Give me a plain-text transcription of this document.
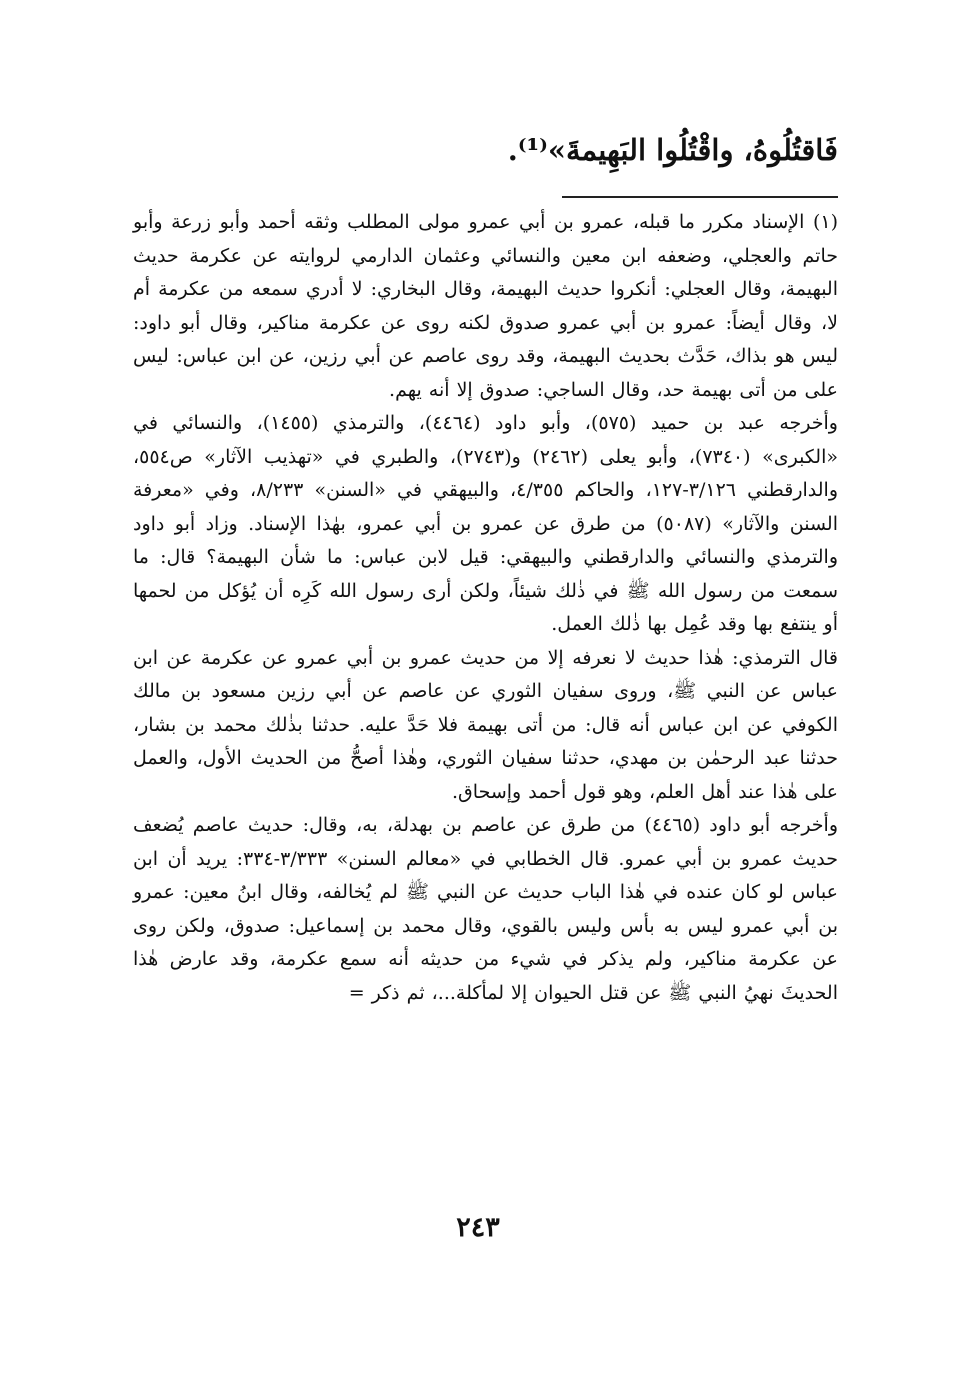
فَاقتُلُوهُ، واقْتُلُوا البَهِيمةَ»⁽¹⁾.

(١) الإسناد مكرر ما قبله، عمرو بن أبي عمرو مولى المطلب وثقه أحمد وأبو زرعة وأبو حاتم والعجلي، وضعفه ابن معين والنسائي وعثمان الدارمي لروايته عن عكرمة حديث البهيمة، وقال العجلي: أنكروا حديث البهيمة، وقال البخاري: لا أدري سمعه من عكرمة أم لا، وقال أيضاً: عمرو بن أبي عمرو صدوق لكنه روى عن عكرمة مناكير، وقال أبو داود: ليس هو بذاك، حَدَّث بحديث البهيمة، وقد روى عاصم عن أبي رزين، عن ابن عباس: ليس على من أتى بهيمة حد، وقال الساجي: صدوق إلا أنه يهم.

وأخرجه عبد بن حميد (٥٧٥)، وأبو داود (٤٤٦٤)، والترمذي (١٤٥٥)، والنسائي في «الكبرى» (٧٣٤٠)، وأبو يعلى (٢٤٦٢) و(٢٧٤٣)، والطبري في «تهذيب الآثار» ص٥٥٤، والدارقطني ٣/١٢٦-١٢٧، والحاكم ٤/٣٥٥، والبيهقي في «السنن» ٨/٢٣٣، وفي «معرفة السنن والآثار» (٥٠٨٧) من طرق عن عمرو بن أبي عمرو، بهٰذا الإسناد. وزاد أبو داود والترمذي والنسائي والدارقطني والبيهقي: قيل لابن عباس: ما شأن البهيمة؟ قال: ما سمعت من رسول الله ﷺ في ذٰلك شيئاً، ولكن أرى رسول الله كَرِه أن يُؤكل من لحمها أو ينتفع بها وقد عُمِل بها ذٰلك العمل.

قال الترمذي: هٰذا حديث لا نعرفه إلا من حديث عمرو بن أبي عمرو عن عكرمة عن ابن عباس عن النبي ﷺ، وروى سفيان الثوري عن عاصم عن أبي رزين مسعود بن مالك الكوفي عن ابن عباس أنه قال: من أتى بهيمة فلا حَدَّ عليه. حدثنا بذٰلك محمد بن بشار، حدثنا عبد الرحمٰن بن مهدي، حدثنا سفيان الثوري، وهٰذا أصحُّ من الحديث الأول، والعمل على هٰذا عند أهل العلم، وهو قول أحمد وإسحاق.

وأخرجه أبو داود (٤٤٦٥) من طرق عن عاصم بن بهدلة، به، وقال: حديث عاصم يُضعف حديث عمرو بن أبي عمرو. قال الخطابي في «معالم السنن» ٣/٣٣٣-٣٣٤: يريد أن ابن عباس لو كان عنده في هٰذا الباب حديث عن النبي ﷺ لم يُخالفه، وقال ابنُ معين: عمرو بن أبي عمرو ليس به بأس وليس بالقوي، وقال محمد بن إسماعيل: صدوق، ولكن روى عن عكرمة مناكير، ولم يذكر في شيء من حديثه أنه سمع عكرمة، وقد عارض هٰذا الحديثَ نهيُ النبي ﷺ عن قتل الحيوان إلا لمأكلة...، ثم ذكر =

٢٤٣
